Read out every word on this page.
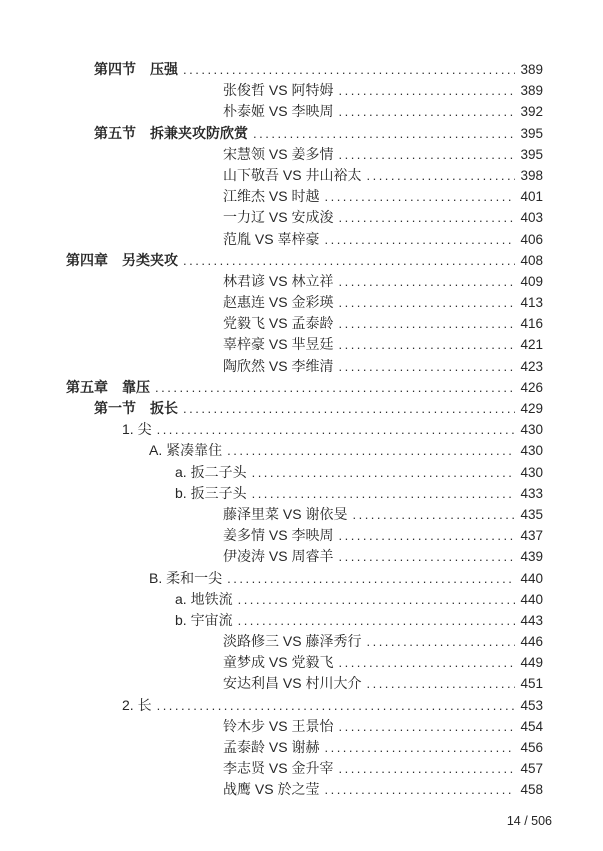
第四节　压强 .....	389
张俊哲 VS 阿特姆 .....	389
朴泰姬 VS 李映周 .....	392
第五节　拆兼夹攻防欣赏 .....	395
宋慧领 VS 姜多情 .....	395
山下敬吾 VS 井山裕太 .....	398
江维杰 VS 时越 .....	401
一力辽 VS 安成浚 .....	403
范胤 VS 辜梓豪 .....	406
第四章　另类夹攻 .....	408
林君谚 VS 林立祥 .....	409
赵惠连 VS 金彩瑛 .....	413
党毅飞 VS 孟泰龄 .....	416
辜梓豪 VS 芈昱廷 .....	421
陶欣然 VS 李维清 .....	423
第五章　靠压 .....	426
第一节　扳长 .....	429
1. 尖 .....	430
A. 紧凑靠住 .....	430
a. 扳二子头 .....	430
b. 扳三子头 .....	433
藤泽里菜 VS 谢依旻 .....	435
姜多情 VS 李映周 .....	437
伊凌涛 VS 周睿羊 .....	439
B. 柔和一尖 .....	440
a. 地铁流 .....	440
b. 宇宙流 .....	443
淡路修三 VS 藤泽秀行 .....	446
童梦成 VS 党毅飞 .....	449
安达利昌 VS 村川大介 .....	451
2. 长 .....	453
铃木步 VS 王景怡 .....	454
孟泰龄 VS 谢赫 .....	456
李志贤 VS 金升宰 .....	457
战鹰 VS 於之莹 .....	458
14 / 506
